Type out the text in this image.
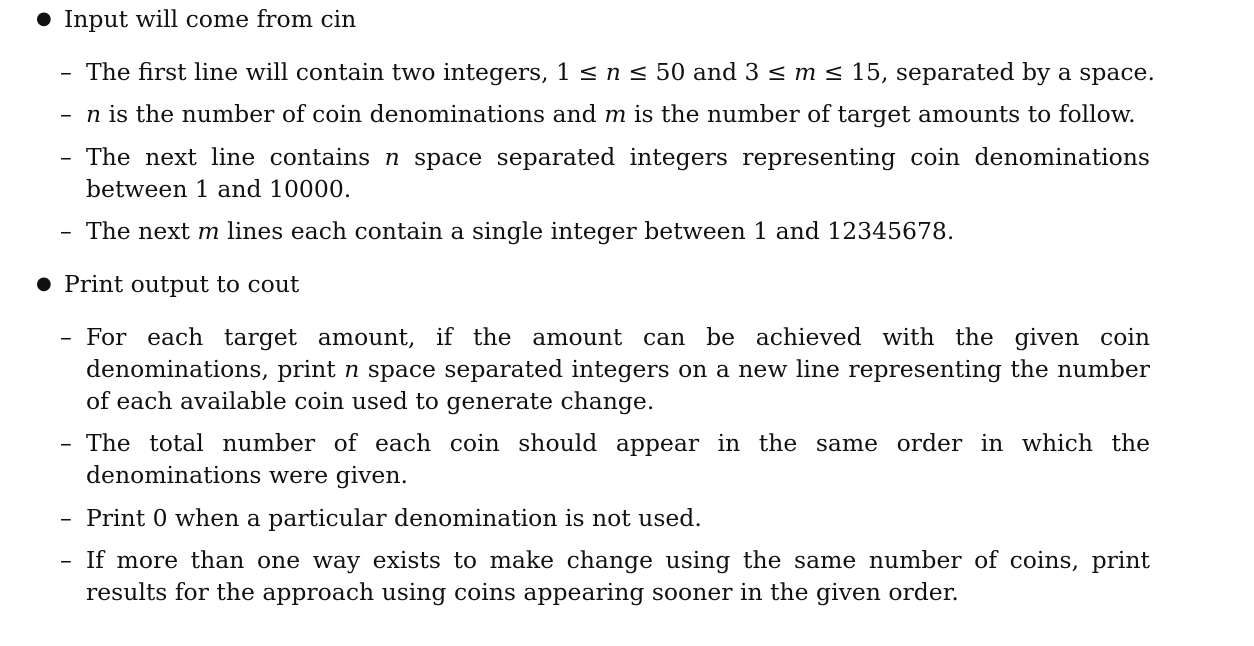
● Input will come from cin
– The first line will contain two integers, 1 ≤ n ≤ 50 and 3 ≤ m ≤ 15, separated by a space.
– n is the number of coin denominations and m is the number of target amounts to follow.
– The next line contains n space separated integers representing coin denominations between 1 and 10000.
– The next m lines each contain a single integer between 1 and 12345678.
● Print output to cout
– For each target amount, if the amount can be achieved with the given coin denominations, print n space separated integers on a new line representing the number of each available coin used to generate change.
– The total number of each coin should appear in the same order in which the denominations were given.
– Print 0 when a particular denomination is not used.
– If more than one way exists to make change using the same number of coins, print results for the approach using coins appearing sooner in the given order.
